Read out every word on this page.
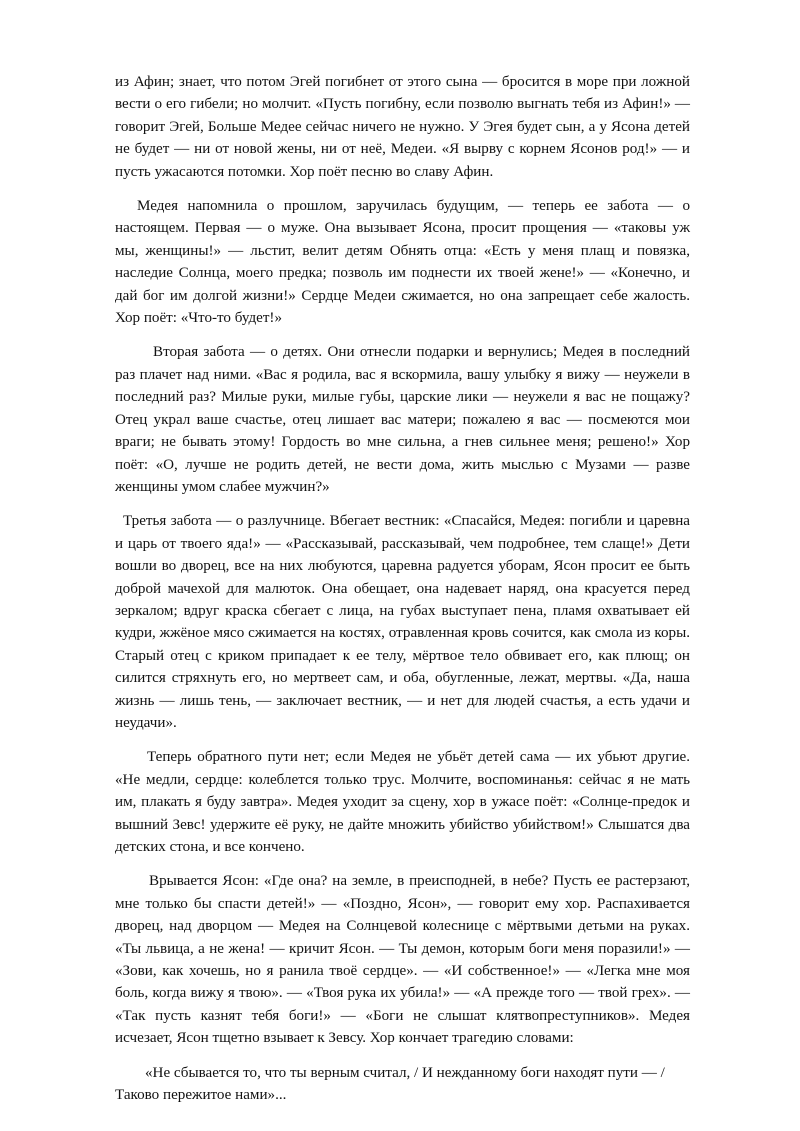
из Афин; знает, что потом Эгей погибнет от этого сына — бросится в море при ложной вести о его гибели; но молчит. «Пусть погибну, если позволю выгнать тебя из Афин!» — говорит Эгей, Больше Медее сейчас ничего не нужно. У Эгея будет сын, а у Ясона детей не будет — ни от новой жены, ни от неё, Медеи. «Я вырву с корнем Ясонов род!» — и пусть ужасаются потомки. Хор поёт песню во славу Афин.

Медея напомнила о прошлом, заручилась будущим, — теперь ее забота — о настоящем. Первая — о муже. Она вызывает Ясона, просит прощения — «таковы уж мы, женщины!» — льстит, велит детям Обнять отца: «Есть у меня плащ и повязка, наследие Солнца, моего предка; позволь им поднести их твоей жене!» — «Конечно, и дай бог им долгой жизни!» Сердце Медеи сжимается, но она запрещает себе жалость. Хор поёт: «Что-то будет!»

Вторая забота — о детях. Они отнесли подарки и вернулись; Медея в последний раз плачет над ними. «Вас я родила, вас я вскормила, вашу улыбку я вижу — неужели в последний раз? Милые руки, милые губы, царские лики — неужели я вас не пощажу? Отец украл ваше счастье, отец лишает вас матери; пожалею я вас — посмеются мои враги; не бывать этому! Гордость во мне сильна, а гнев сильнее меня; решено!» Хор поёт: «О, лучше не родить детей, не вести дома, жить мыслью с Музами — разве женщины умом слабее мужчин?»

Третья забота — о разлучнице. Вбегает вестник: «Спасайся, Медея: погибли и царевна и царь от твоего яда!» — «Рассказывай, рассказывай, чем подробнее, тем слаще!» Дети вошли во дворец, все на них любуются, царевна радуется уборам, Ясон просит ее быть доброй мачехой для малюток. Она обещает, она надевает наряд, она красуется перед зеркалом; вдруг краска сбегает с лица, на губах выступает пена, пламя охватывает ей кудри, жжёное мясо сжимается на костях, отравленная кровь сочится, как смола из коры. Старый отец с криком припадает к ее телу, мёртвое тело обвивает его, как плющ; он силится стряхнуть его, но мертвеет сам, и оба, обугленные, лежат, мертвы. «Да, наша жизнь — лишь тень, — заключает вестник, — и нет для людей счастья, а есть удачи и неудачи».

Теперь обратного пути нет; если Медея не убьёт детей сама — их убьют другие. «Не медли, сердце: колеблется только трус. Молчите, воспоминанья: сейчас я не мать им, плакать я буду завтра». Медея уходит за сцену, хор в ужасе поёт: «Солнце-предок и вышний Зевс! удержите её руку, не дайте множить убийство убийством!» Слышатся два детских стона, и все кончено.

Врывается Ясон: «Где она? на земле, в преисподней, в небе? Пусть ее растерзают, мне только бы спасти детей!» — «Поздно, Ясон», — говорит ему хор. Распахивается дворец, над дворцом — Медея на Солнцевой колеснице с мёртвыми детьми на руках. «Ты львица, а не жена! — кричит Ясон. — Ты демон, которым боги меня поразили!» — «Зови, как хочешь, но я ранила твоё сердце». — «И собственное!» — «Легка мне моя боль, когда вижу я твою». — «Твоя рука их убила!» — «А прежде того — твой грех». — «Так пусть казнят тебя боги!» — «Боги не слышат клятвопреступников». Медея исчезает, Ясон тщетно взывает к Зевсу. Хор кончает трагедию словами:

«Не сбывается то, что ты верным считал, / И нежданному боги находят пути — / Таково пережитое нами»...
